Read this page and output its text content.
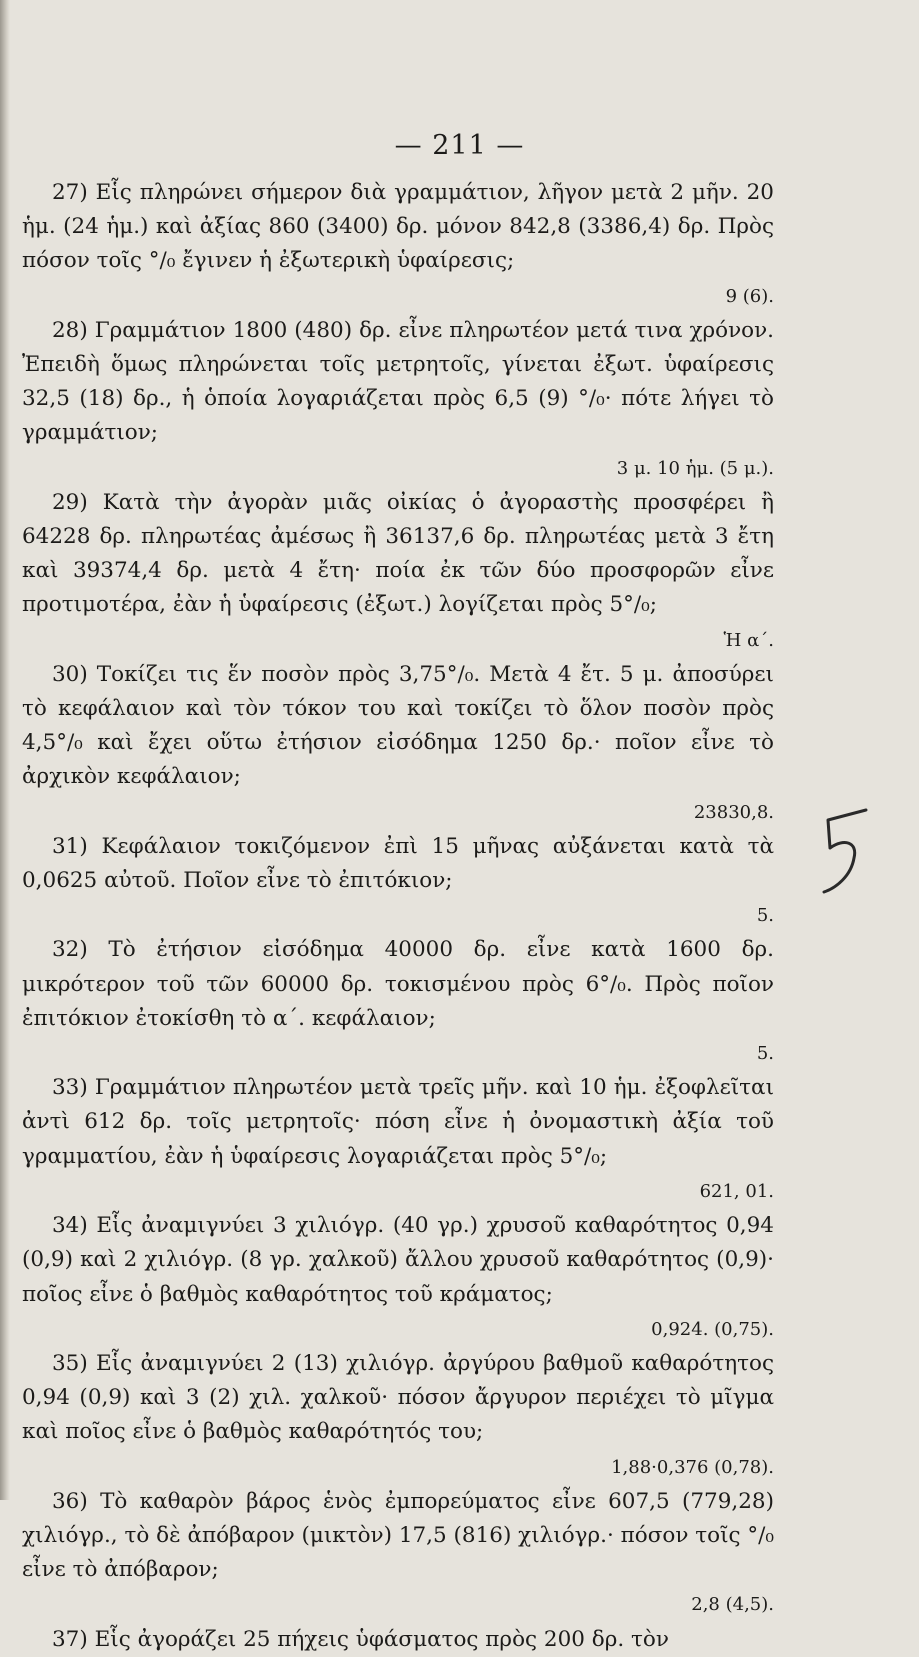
— 211 —

27) Εἷς πληρώνει σήμερον διὰ γραμμάτιον, λῆγον μετὰ 2 μῆν. 20 ἡμ. (24 ἡμ.) καὶ ἀξίας 860 (3400) δρ. μόνον 842,8 (3386,4) δρ. Πρὸς πόσον τοῖς °/₀ ἔγινεν ἡ ἐξωτερικὴ ὑφαίρεσις;
9 (6).

28) Γραμμάτιον 1800 (480) δρ. εἶνε πληρωτέον μετά τινα χρόνον. Ἐπειδὴ ὅμως πληρώνεται τοῖς μετρητοῖς, γίνεται ἐξωτ. ὑφαίρεσις 32,5 (18) δρ., ἡ ὁποία λογαριάζεται πρὸς 6,5 (9) °/₀· πότε λήγει τὸ γραμμάτιον;
3 μ. 10 ἡμ. (5 μ.).

29) Κατὰ τὴν ἀγορὰν μιᾶς οἰκίας ὁ ἀγοραστὴς προσφέρει ἢ 64228 δρ. πληρωτέας ἀμέσως ἢ 36137,6 δρ. πληρωτέας μετὰ 3 ἔτη καὶ 39374,4 δρ. μετὰ 4 ἔτη· ποία ἐκ τῶν δύο προσφορῶν εἶνε προτιμοτέρα, ἐὰν ἡ ὑφαίρεσις (ἐξωτ.) λογίζεται πρὸς 5°/₀;
Ἡ α΄.

30) Τοκίζει τις ἕν ποσὸν πρὸς 3,75°/₀. Μετὰ 4 ἔτ. 5 μ. ἀποσύρει τὸ κεφάλαιον καὶ τὸν τόκον του καὶ τοκίζει τὸ ὅλον ποσὸν πρὸς 4,5°/₀ καὶ ἔχει οὕτω ἐτήσιον εἰσόδημα 1250 δρ.· ποῖον εἶνε τὸ ἀρχικὸν κεφάλαιον;
23830,8.

31) Κεφάλαιον τοκιζόμενον ἐπὶ 15 μῆνας αὐξάνεται κατὰ τὰ 0,0625 αὐτοῦ. Ποῖον εἶνε τὸ ἐπιτόκιον;
5.

32) Τὸ ἐτήσιον εἰσόδημα 40000 δρ. εἶνε κατὰ 1600 δρ. μικρότερον τοῦ τῶν 60000 δρ. τοκισμένου πρὸς 6°/₀. Πρὸς ποῖον ἐπιτόκιον ἐτοκίσθη τὸ α΄. κεφάλαιον;
5.

33) Γραμμάτιον πληρωτέον μετὰ τρεῖς μῆν. καὶ 10 ἡμ. ἐξοφλεῖται ἀντὶ 612 δρ. τοῖς μετρητοῖς· πόση εἶνε ἡ ὀνομαστικὴ ἀξία τοῦ γραμματίου, ἐὰν ἡ ὑφαίρεσις λογαριάζεται πρὸς 5°/₀;
621, 01.

34) Εἷς ἀναμιγνύει 3 χιλιόγρ. (40 γρ.) χρυσοῦ καθαρότητος 0,94 (0,9) καὶ 2 χιλιόγρ. (8 γρ. χαλκοῦ) ἄλλου χρυσοῦ καθαρότητος (0,9)· ποῖος εἶνε ὁ βαθμὸς καθαρότητος τοῦ κράματος;
0,924. (0,75).

35) Εἷς ἀναμιγνύει 2 (13) χιλιόγρ. ἀργύρου βαθμοῦ καθαρότητος 0,94 (0,9) καὶ 3 (2) χιλ. χαλκοῦ· πόσον ἄργυρον περιέχει τὸ μῖγμα καὶ ποῖος εἶνε ὁ βαθμὸς καθαρότητός του;
1,88·0,376 (0,78).

36) Τὸ καθαρὸν βάρος ἑνὸς ἐμπορεύματος εἶνε 607,5 (779,28) χιλιόγρ., τὸ δὲ ἀπόβαρον (μικτὸν) 17,5 (816) χιλιόγρ.· πόσον τοῖς °/₀ εἶνε τὸ ἀπόβαρον;
2,8 (4,5).

37) Εἷς ἀγοράζει 25 πήχεις ὑφάσματος πρὸς 200 δρ. τὸν
